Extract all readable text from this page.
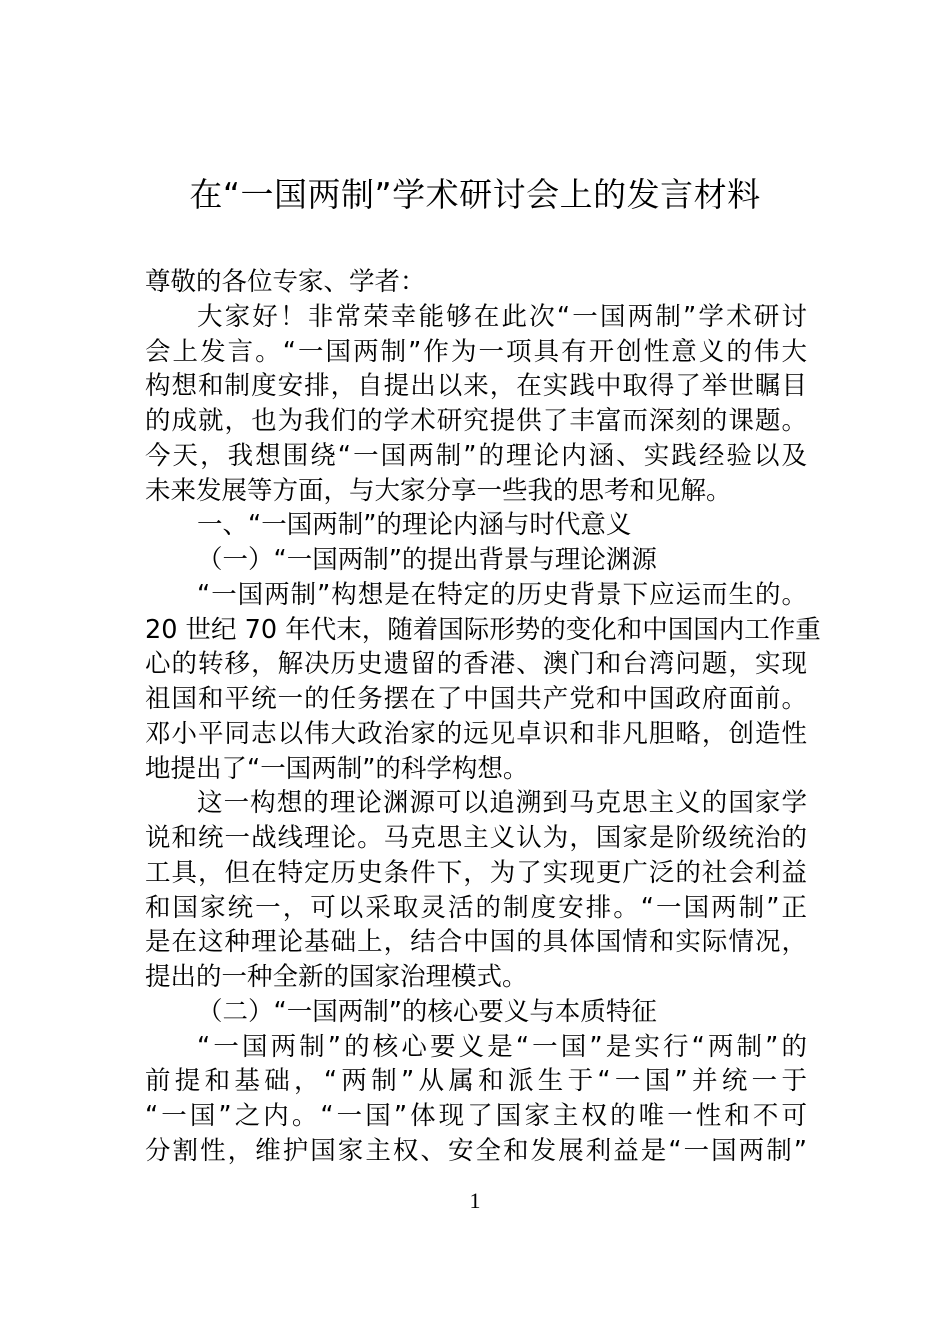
在“一国两制”学术研讨会上的发言材料
尊敬的各位专家、学者：
大家好！非常荣幸能够在此次“一国两制”学术研讨
会上发言。“一国两制”作为一项具有开创性意义的伟大
构想和制度安排，自提出以来，在实践中取得了举世瞩目
的成就，也为我们的学术研究提供了丰富而深刻的课题。
今天，我想围绕“一国两制”的理论内涵、实践经验以及
未来发展等方面，与大家分享一些我的思考和见解。
一、“一国两制”的理论内涵与时代意义
（一）“一国两制”的提出背景与理论渊源
“一国两制”构想是在特定的历史背景下应运而生的。
20 世纪 70 年代末，随着国际形势的变化和中国国内工作重
心的转移，解决历史遗留的香港、澳门和台湾问题，实现
祖国和平统一的任务摆在了中国共产党和中国政府面前。
邓小平同志以伟大政治家的远见卓识和非凡胆略，创造性
地提出了“一国两制”的科学构想。
这一构想的理论渊源可以追溯到马克思主义的国家学
说和统一战线理论。马克思主义认为，国家是阶级统治的
工具，但在特定历史条件下，为了实现更广泛的社会利益
和国家统一，可以采取灵活的制度安排。“一国两制”正
是在这种理论基础上，结合中国的具体国情和实际情况，
提出的一种全新的国家治理模式。
（二）“一国两制”的核心要义与本质特征
“一国两制”的核心要义是“一国”是实行“两制”的
前提和基础，“两制”从属和派生于“一国”并统一于
“一国”之内。“一国”体现了国家主权的唯一性和不可
分割性，维护国家主权、安全和发展利益是“一国两制”
1
